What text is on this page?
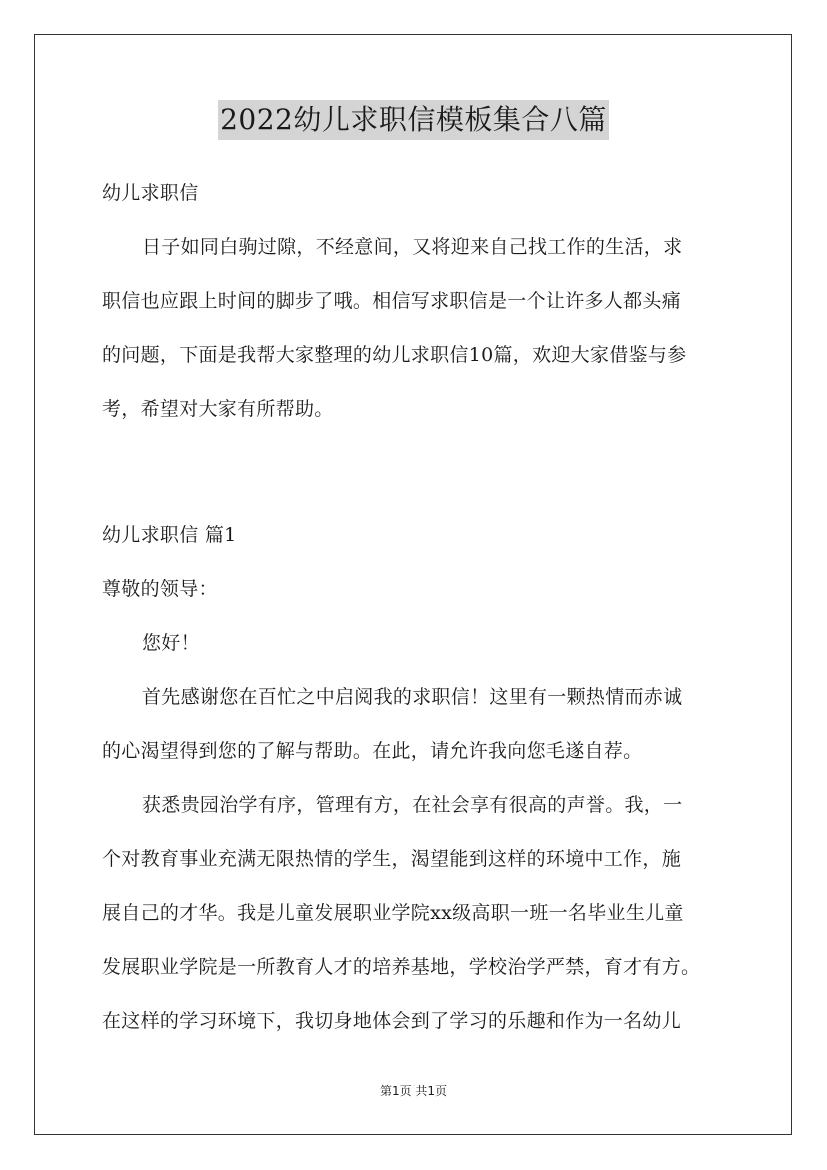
2022幼儿求职信模板集合八篇
幼儿求职信
日子如同白驹过隙，不经意间，又将迎来自己找工作的生活，求
职信也应跟上时间的脚步了哦。相信写求职信是一个让许多人都头痛
的问题，下面是我帮大家整理的幼儿求职信10篇，欢迎大家借鉴与参
考，希望对大家有所帮助。
幼儿求职信 篇1
尊敬的领导：
您好！
首先感谢您在百忙之中启阅我的求职信！这里有一颗热情而赤诚
的心渴望得到您的了解与帮助。在此，请允许我向您毛遂自荐。
获悉贵园治学有序，管理有方，在社会享有很高的声誉。我，一
个对教育事业充满无限热情的学生，渴望能到这样的环境中工作，施
展自己的才华。我是儿童发展职业学院xx级高职一班一名毕业生儿童
发展职业学院是一所教育人才的培养基地，学校治学严禁，育才有方。
在这样的学习环境下，我切身地体会到了学习的乐趣和作为一名幼儿
第1页 共1页
